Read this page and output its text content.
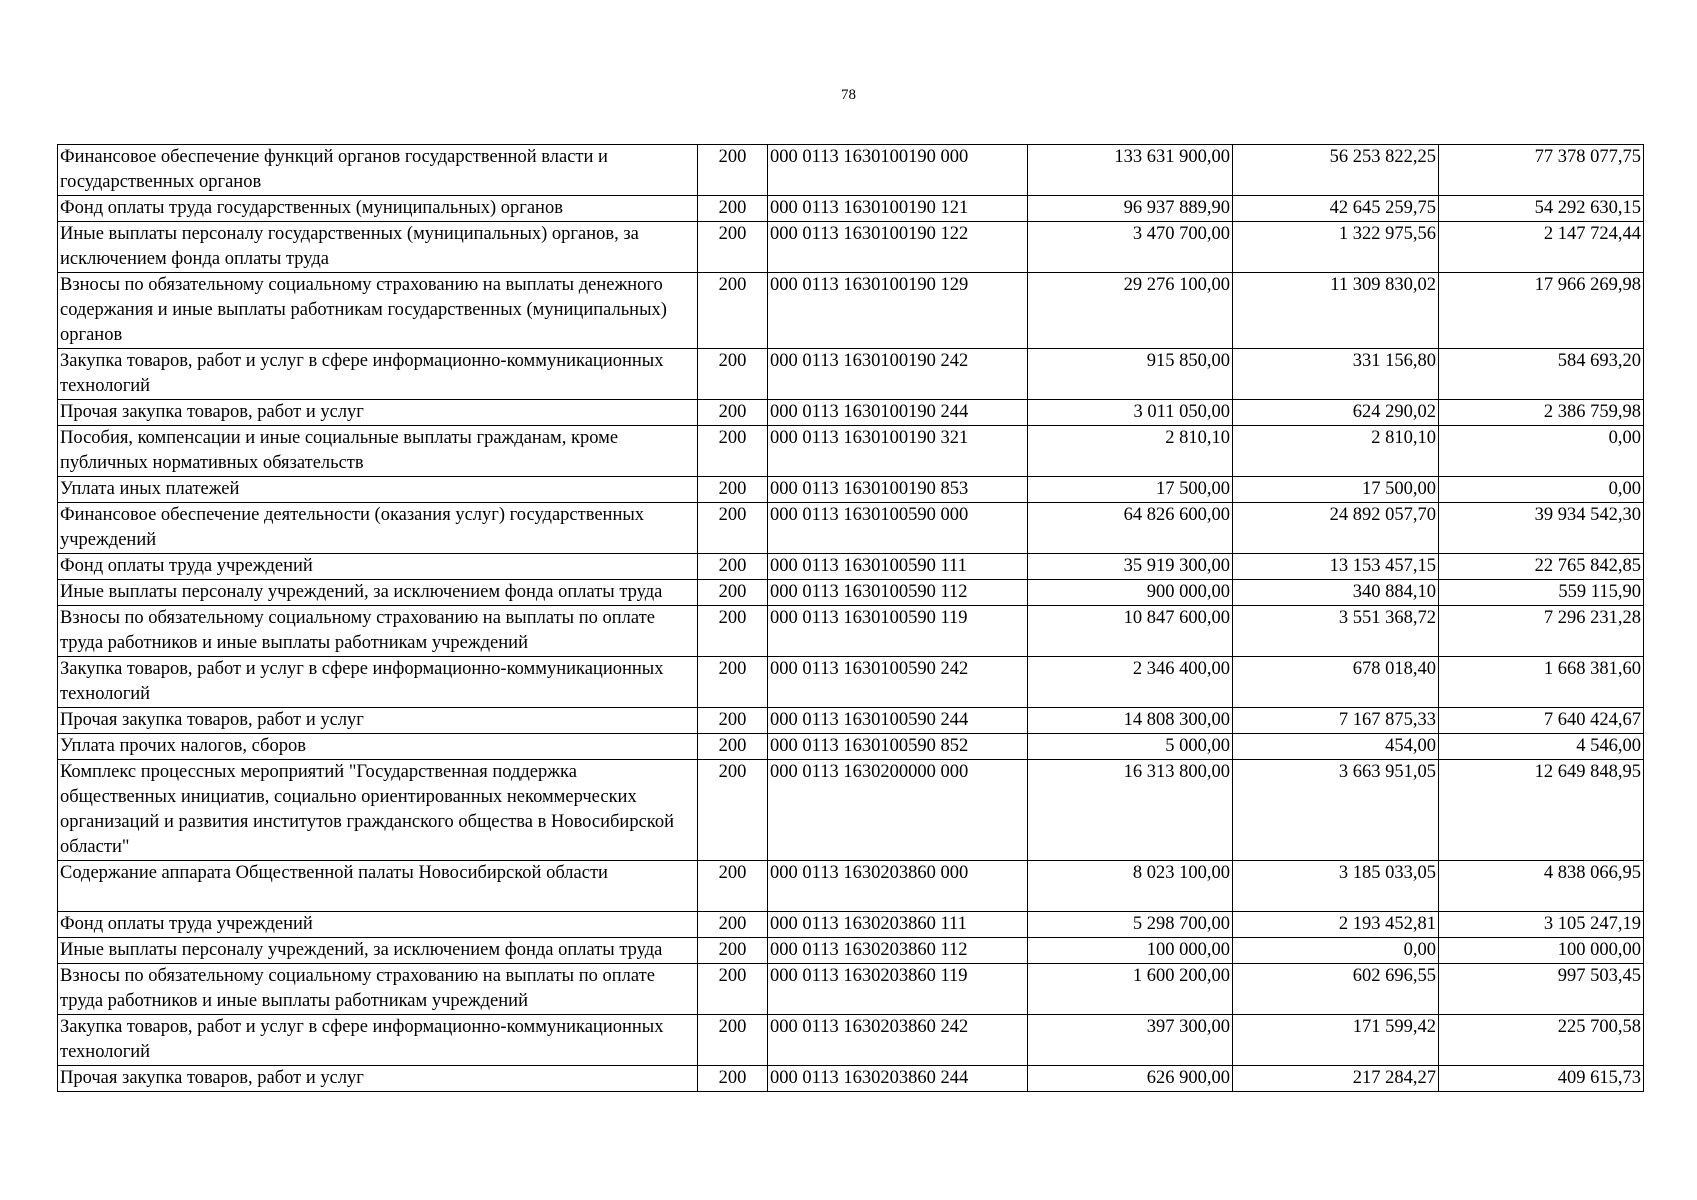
78
Финансовое обеспечение функций органов государственной власти и государственных органов	200	000 0113 1630100190 000	133 631 900,00	56 253 822,25	77 378 077,75
Фонд оплаты труда государственных (муниципальных) органов	200	000 0113 1630100190 121	96 937 889,90	42 645 259,75	54 292 630,15
Иные выплаты персоналу государственных (муниципальных) органов, за исключением фонда оплаты труда	200	000 0113 1630100190 122	3 470 700,00	1 322 975,56	2 147 724,44
Взносы по обязательному социальному страхованию на выплаты денежного содержания и иные выплаты работникам государственных (муниципальных) органов	200	000 0113 1630100190 129	29 276 100,00	11 309 830,02	17 966 269,98
Закупка товаров, работ и услуг в сфере информационно-коммуникационных технологий	200	000 0113 1630100190 242	915 850,00	331 156,80	584 693,20
Прочая закупка товаров, работ и услуг	200	000 0113 1630100190 244	3 011 050,00	624 290,02	2 386 759,98
Пособия, компенсации и иные социальные выплаты гражданам, кроме публичных нормативных обязательств	200	000 0113 1630100190 321	2 810,10	2 810,10	0,00
Уплата иных платежей	200	000 0113 1630100190 853	17 500,00	17 500,00	0,00
Финансовое обеспечение деятельности (оказания услуг) государственных учреждений	200	000 0113 1630100590 000	64 826 600,00	24 892 057,70	39 934 542,30
Фонд оплаты труда учреждений	200	000 0113 1630100590 111	35 919 300,00	13 153 457,15	22 765 842,85
Иные выплаты персоналу учреждений, за исключением фонда оплаты труда	200	000 0113 1630100590 112	900 000,00	340 884,10	559 115,90
Взносы по обязательному социальному страхованию на выплаты по оплате труда работников и иные выплаты работникам учреждений	200	000 0113 1630100590 119	10 847 600,00	3 551 368,72	7 296 231,28
Закупка товаров, работ и услуг в сфере информационно-коммуникационных технологий	200	000 0113 1630100590 242	2 346 400,00	678 018,40	1 668 381,60
Прочая закупка товаров, работ и услуг	200	000 0113 1630100590 244	14 808 300,00	7 167 875,33	7 640 424,67
Уплата прочих налогов, сборов	200	000 0113 1630100590 852	5 000,00	454,00	4 546,00
Комплекс процессных мероприятий "Государственная поддержка общественных инициатив, социально ориентированных некоммерческих организаций и развития институтов гражданского общества в Новосибирской области"	200	000 0113 1630200000 000	16 313 800,00	3 663 951,05	12 649 848,95
Содержание аппарата Общественной палаты Новосибирской области	200	000 0113 1630203860 000	8 023 100,00	3 185 033,05	4 838 066,95
Фонд оплаты труда учреждений	200	000 0113 1630203860 111	5 298 700,00	2 193 452,81	3 105 247,19
Иные выплаты персоналу учреждений, за исключением фонда оплаты труда	200	000 0113 1630203860 112	100 000,00	0,00	100 000,00
Взносы по обязательному социальному страхованию на выплаты по оплате труда работников и иные выплаты работникам учреждений	200	000 0113 1630203860 119	1 600 200,00	602 696,55	997 503,45
Закупка товаров, работ и услуг в сфере информационно-коммуникационных технологий	200	000 0113 1630203860 242	397 300,00	171 599,42	225 700,58
Прочая закупка товаров, работ и услуг	200	000 0113 1630203860 244	626 900,00	217 284,27	409 615,73
